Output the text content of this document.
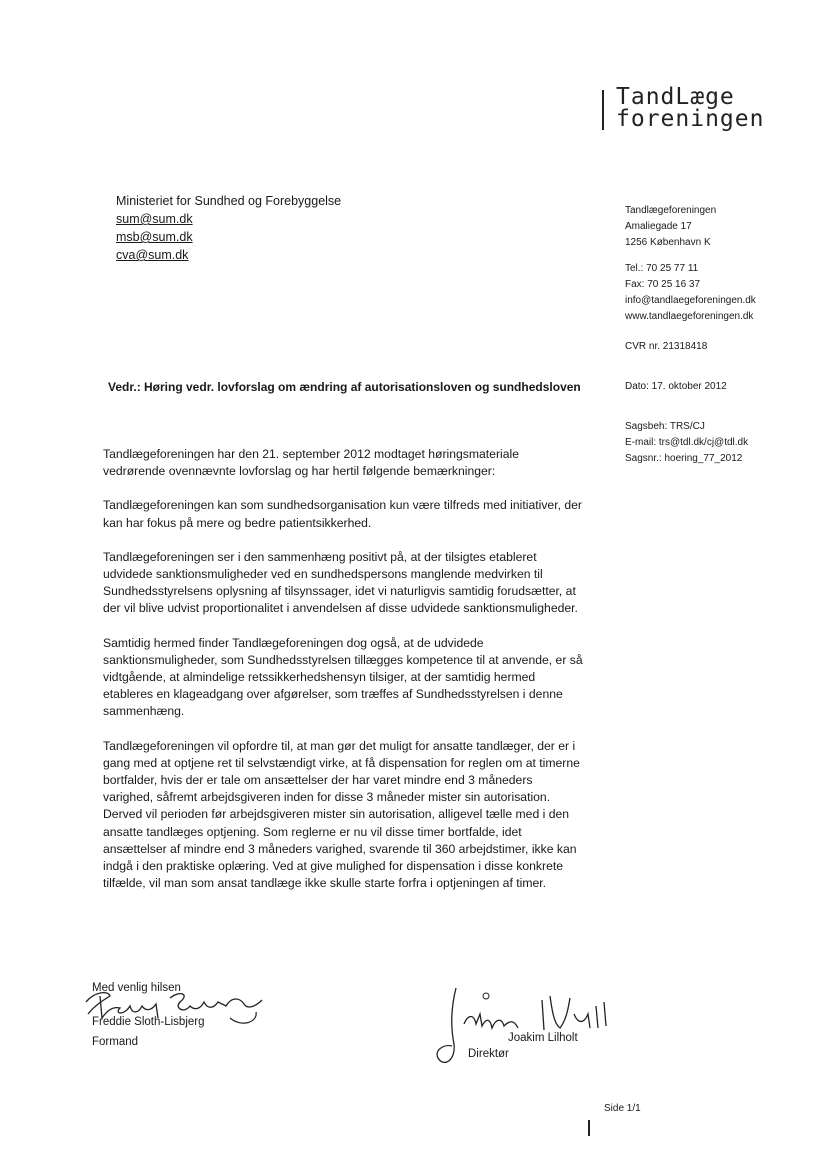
TandLæge
foreningen
Ministeriet for Sundhed og Forebyggelse
sum@sum.dk
msb@sum.dk
cva@sum.dk
Tandlægeforeningen
Amaliegade 17
1256 København K
Tel.: 70 25 77 11
Fax: 70 25 16 37
info@tandlaegeforeningen.dk
www.tandlaegeforeningen.dk
CVR nr. 21318418
Dato: 17. oktober 2012
Sagsbeh: TRS/CJ
E-mail: trs@tdl.dk/cj@tdl.dk
Sagsnr.: hoering_77_2012
Vedr.: Høring vedr. lovforslag om ændring af autorisationsloven og sundhedsloven

Tandlægeforeningen har den 21. september 2012 modtaget høringsmateriale vedrørende ovennævnte lovforslag og har hertil følgende bemærkninger:

Tandlægeforeningen kan som sundhedsorganisation kun være tilfreds med initiativer, der kan har fokus på mere og bedre patientsikkerhed.

Tandlægeforeningen ser i den sammenhæng positivt på, at der tilsigtes etableret udvidede sanktionsmuligheder ved en sundhedspersons manglende medvirken til Sundhedsstyrelsens oplysning af tilsynssager, idet vi naturligvis samtidig forudsætter, at der vil blive udvist proportionalitet i anvendelsen af disse udvidede sanktionsmuligheder.

Samtidig hermed finder Tandlægeforeningen dog også, at de udvidede sanktionsmuligheder, som Sundhedsstyrelsen tillægges kompetence til at anvende, er så vidtgående, at almindelige retssikkerhedshensyn tilsiger, at der samtidig hermed etableres en klageadgang over afgørelser, som træffes af Sundhedsstyrelsen i denne sammenhæng.

Tandlægeforeningen vil opfordre til, at man gør det muligt for ansatte tandlæger, der er i gang med at optjene ret til selvstændigt virke, at få dispensation for reglen om at timerne bortfalder, hvis der er tale om ansættelser der har varet mindre end 3 måneders varighed, såfremt arbejdsgiveren inden for disse 3 måneder mister sin autorisation. Derved vil perioden før arbejdsgiveren mister sin autorisation, alligevel tælle med i den ansatte tandlæges optjening. Som reglerne er nu vil disse timer bortfalde, idet ansættelser af mindre end 3 måneders varighed, svarende til 360 arbejdstimer, ikke kan indgå i den praktiske oplæring. Ved at give mulighed for dispensation i disse konkrete tilfælde, vil man som ansat tandlæge ikke skulle starte forfra i optjeningen af timer.

Med venlig hilsen
Freddie Sloth-Lisbjerg
Formand	Joakim Lilholt
Direktør
Side 1/1
